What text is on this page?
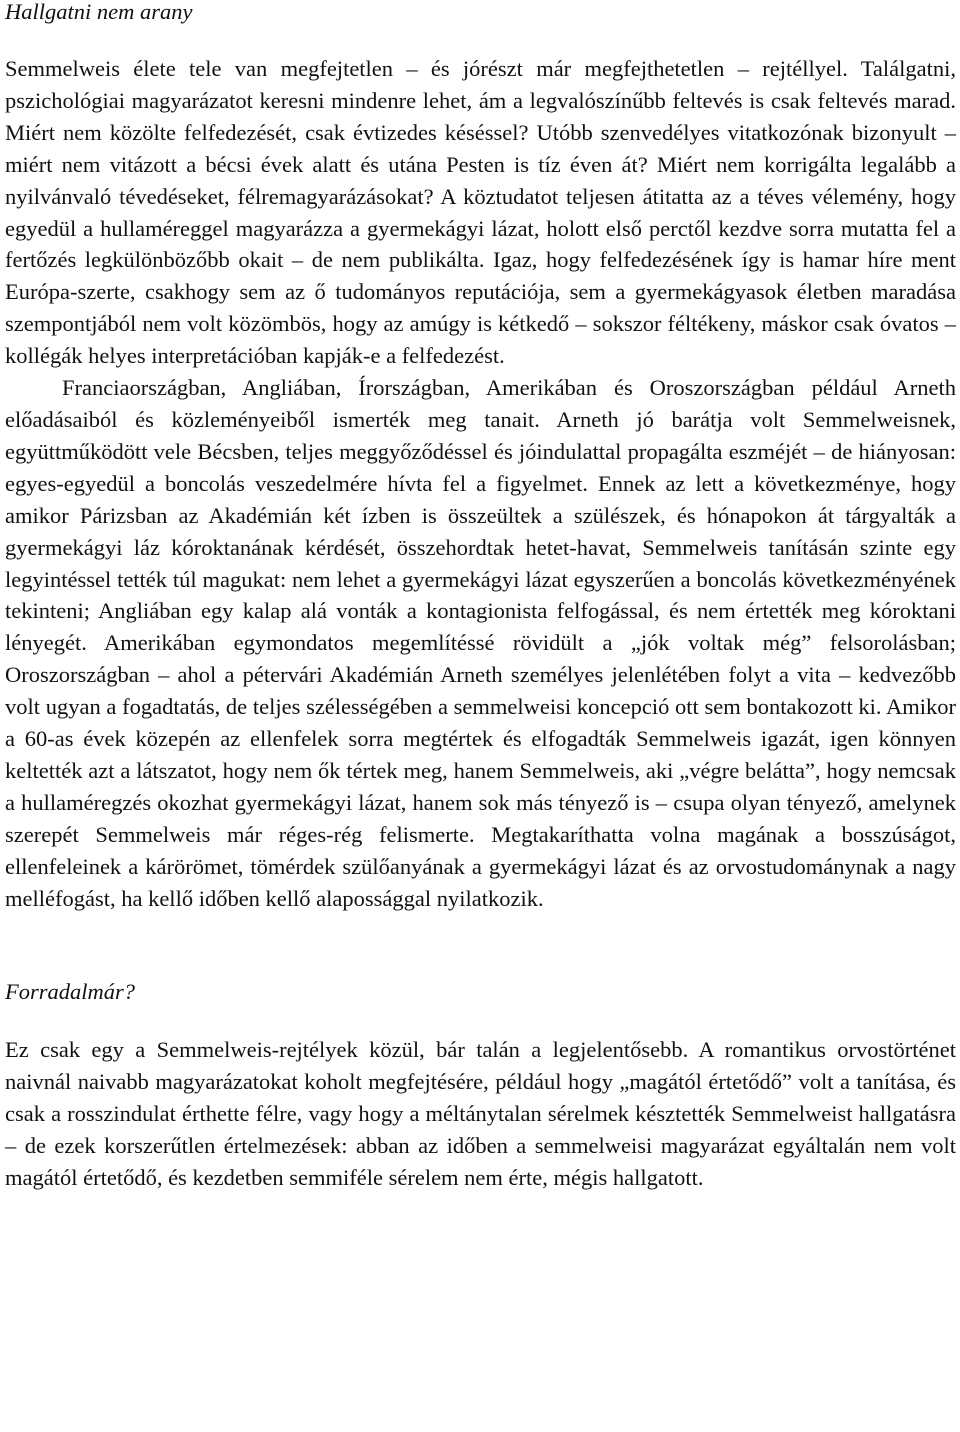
Hallgatni nem arany

Semmelweis élete tele van megfejtetlen – és jórészt már megfejthetetlen – rejtéllyel. Találgatni, pszichológiai magyarázatot keresni mindenre lehet, ám a legvalószínűbb feltevés is csak feltevés marad. Miért nem közölte felfedezését, csak évtizedes késéssel? Utóbb szenvedélyes vitatkozónak bizonyult – miért nem vitázott a bécsi évek alatt és utána Pesten is tíz éven át? Miért nem korrigálta legalább a nyilvánvaló tévedéseket, félremagyarázásokat? A köztudatot teljesen átitatta az a téves vélemény, hogy egyedül a hullaméreggel magyarázza a gyermekágyi lázat, holott első perctől kezdve sorra mutatta fel a fertőzés legkülönbözőbb okait – de nem publikálta. Igaz, hogy felfedezésének így is hamar híre ment Európa-szerte, csakhogy sem az ő tudományos reputációja, sem a gyermekágyasok életben maradása szempontjából nem volt közömbös, hogy az amúgy is kétkedő – sokszor féltékeny, máskor csak óvatos – kollégák helyes interpretációban kapják-e a felfedezést.

Franciaországban, Angliában, Írországban, Amerikában és Oroszországban például Arneth előadásaiból és közleményeiből ismerték meg tanait. Arneth jó barátja volt Semmelweisnek, együttműködött vele Bécsben, teljes meggyőződéssel és jóindulattal propagálta eszméjét – de hiányosan: egyes-egyedül a boncolás veszedelmére hívta fel a figyelmet. Ennek az lett a következménye, hogy amikor Párizsban az Akadémián két ízben is összeültek a szülészek, és hónapokon át tárgyalták a gyermekágyi láz kóroktanának kérdését, összehordtak hetet-havat, Semmelweis tanításán szinte egy legyintéssel tették túl magukat: nem lehet a gyermekágyi lázat egyszerűen a boncolás következményének tekinteni; Angliában egy kalap alá vonták a kontagionista felfogással, és nem értették meg kóroktani lényegét. Amerikában egymondatos megemlítéssé rövidült a „jók voltak még” felsorolásban; Oroszországban – ahol a pétervári Akadémián Arneth személyes jelenlétében folyt a vita – kedvezőbb volt ugyan a fogadtatás, de teljes szélességében a semmelweisi koncepció ott sem bontakozott ki. Amikor a 60-as évek közepén az ellenfelek sorra megtértek és elfogadták Semmelweis igazát, igen könnyen keltették azt a látszatot, hogy nem ők tértek meg, hanem Semmelweis, aki „végre belátta”, hogy nemcsak a hullaméregzés okozhat gyermekágyi lázat, hanem sok más tényező is – csupa olyan tényező, amelynek szerepét Semmelweis már réges-rég felismerte. Megtakaríthatta volna magának a bosszúságot, ellenfeleinek a kárörömet, tömérdek szülőanyának a gyermekágyi lázat és az orvostudománynak a nagy melléfogást, ha kellő időben kellő alapossággal nyilatkozik.

Forradalmár?

Ez csak egy a Semmelweis-rejtélyek közül, bár talán a legjelentősebb. A romantikus orvostörténet naivnál naivabb magyarázatokat koholt megfejtésére, például hogy „magától értetődő” volt a tanítása, és csak a rosszindulat érthette félre, vagy hogy a méltánytalan sérelmek késztették Semmelweist hallgatásra – de ezek korszerűtlen értelmezések: abban az időben a semmelweisi magyarázat egyáltalán nem volt magától értetődő, és kezdetben semmiféle sérelem nem érte, mégis hallgatott.
